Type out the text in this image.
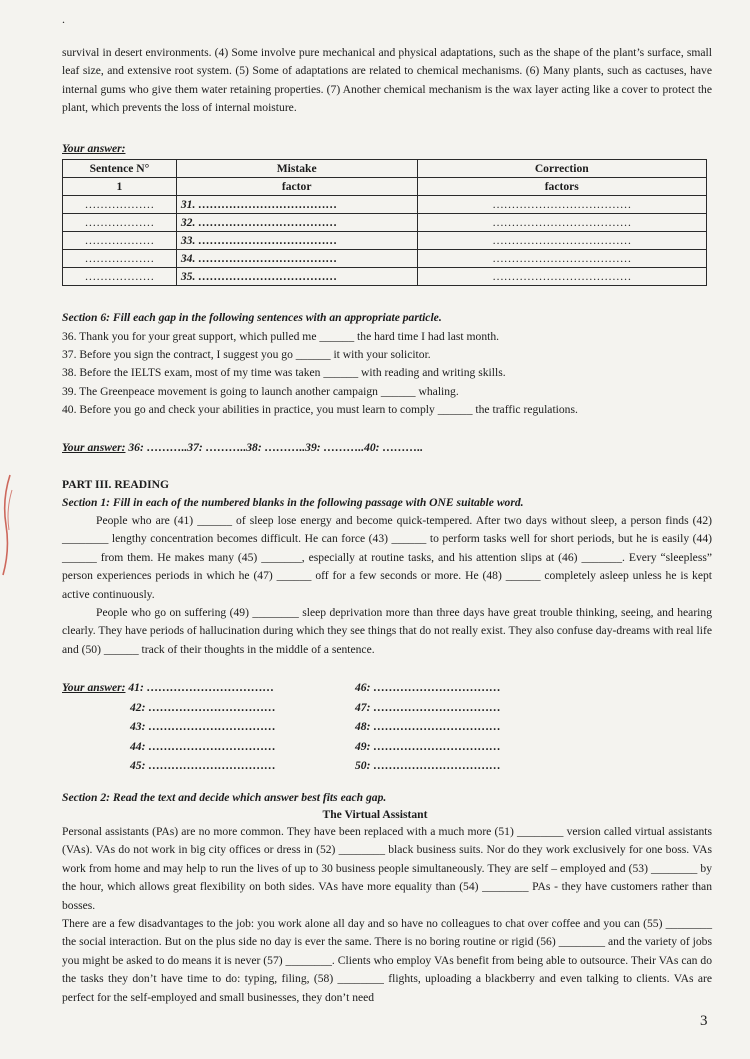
.

survival in desert environments. (4) Some involve pure mechanical and physical adaptations, such as the shape of the plant’s surface, small leaf size, and extensive root system. (5) Some of adaptations are related to chemical mechanisms. (6) Many plants, such as cactuses, have internal gums who give them water retaining properties. (7) Another chemical mechanism is the wax layer acting like a cover to protect the plant, which prevents the loss of internal moisture.

Your answer:
Sentence N°	Mistake	Correction
1	factor	factors
………………	31. ………………………………	………………………………
………………	32. ………………………………	………………………………
………………	33. ………………………………	………………………………
………………	34. ………………………………	………………………………
………………	35. ………………………………	………………………………
Section 6: Fill each gap in the following sentences with an appropriate particle.
36. Thank you for your great support, which pulled me ______ the hard time I had last month.
37. Before you sign the contract, I suggest you go ______ it with your solicitor.
38. Before the IELTS exam, most of my time was taken ______ with reading and writing skills.
39. The Greenpeace movement is going to launch another campaign ______ whaling.
40. Before you go and check your abilities in practice, you must learn to comply ______ the traffic regulations.
Your answer: 36: ………..37: ………..38: ………..39: ………..40: ………..
PART III. READING
Section 1: Fill in each of the numbered blanks in the following passage with ONE suitable word.

People who are (41) ______ of sleep lose energy and become quick-tempered. After two days without sleep, a person finds (42) ________ lengthy concentration becomes difficult. He can force (43) ______ to perform tasks well for short periods, but he is easily (44) ______ from them. He makes many (45) _______, especially at routine tasks, and his attention slips at (46) _______. Every “sleepless” person experiences periods in which he (47) ______ off for a few seconds or more. He (48) ______ completely asleep unless he is kept active continuously.

People who go on suffering (49) ________ sleep deprivation more than three days have great trouble thinking, seeing, and hearing clearly. They have periods of hallucination during which they see things that do not really exist. They also confuse day-dreams with real life and (50) ______ track of their thoughts in the middle of a sentence.

Your answer: 41: ……………………………
42: ……………………………
43: ……………………………
44: ……………………………
45: ……………………………
46: ……………………………
47: ……………………………
48: ……………………………
49: ……………………………
50: ……………………………
Section 2: Read the text and decide which answer best fits each gap.
The Virtual Assistant

Personal assistants (PAs) are no more common. They have been replaced with a much more (51) ________ version called virtual assistants (VAs). VAs do not work in big city offices or dress in (52) ________ black business suits. Nor do they work exclusively for one boss. VAs work from home and may help to run the lives of up to 30 business people simultaneously. They are self – employed and (53) ________ by the hour, which allows great flexibility on both sides. VAs have more equality than (54) ________ PAs - they have customers rather than bosses.

There are a few disadvantages to the job: you work alone all day and so have no colleagues to chat over coffee and you can (55) ________ the social interaction. But on the plus side no day is ever the same. There is no boring routine or rigid (56) ________ and the variety of jobs you might be asked to do means it is never (57) ________. Clients who employ VAs benefit from being able to outsource. Their VAs can do the tasks they don’t have time to do: typing, filing, (58) ________ flights, uploading a blackberry and even talking to clients. VAs are perfect for the self-employed and small businesses, they don’t need

3
